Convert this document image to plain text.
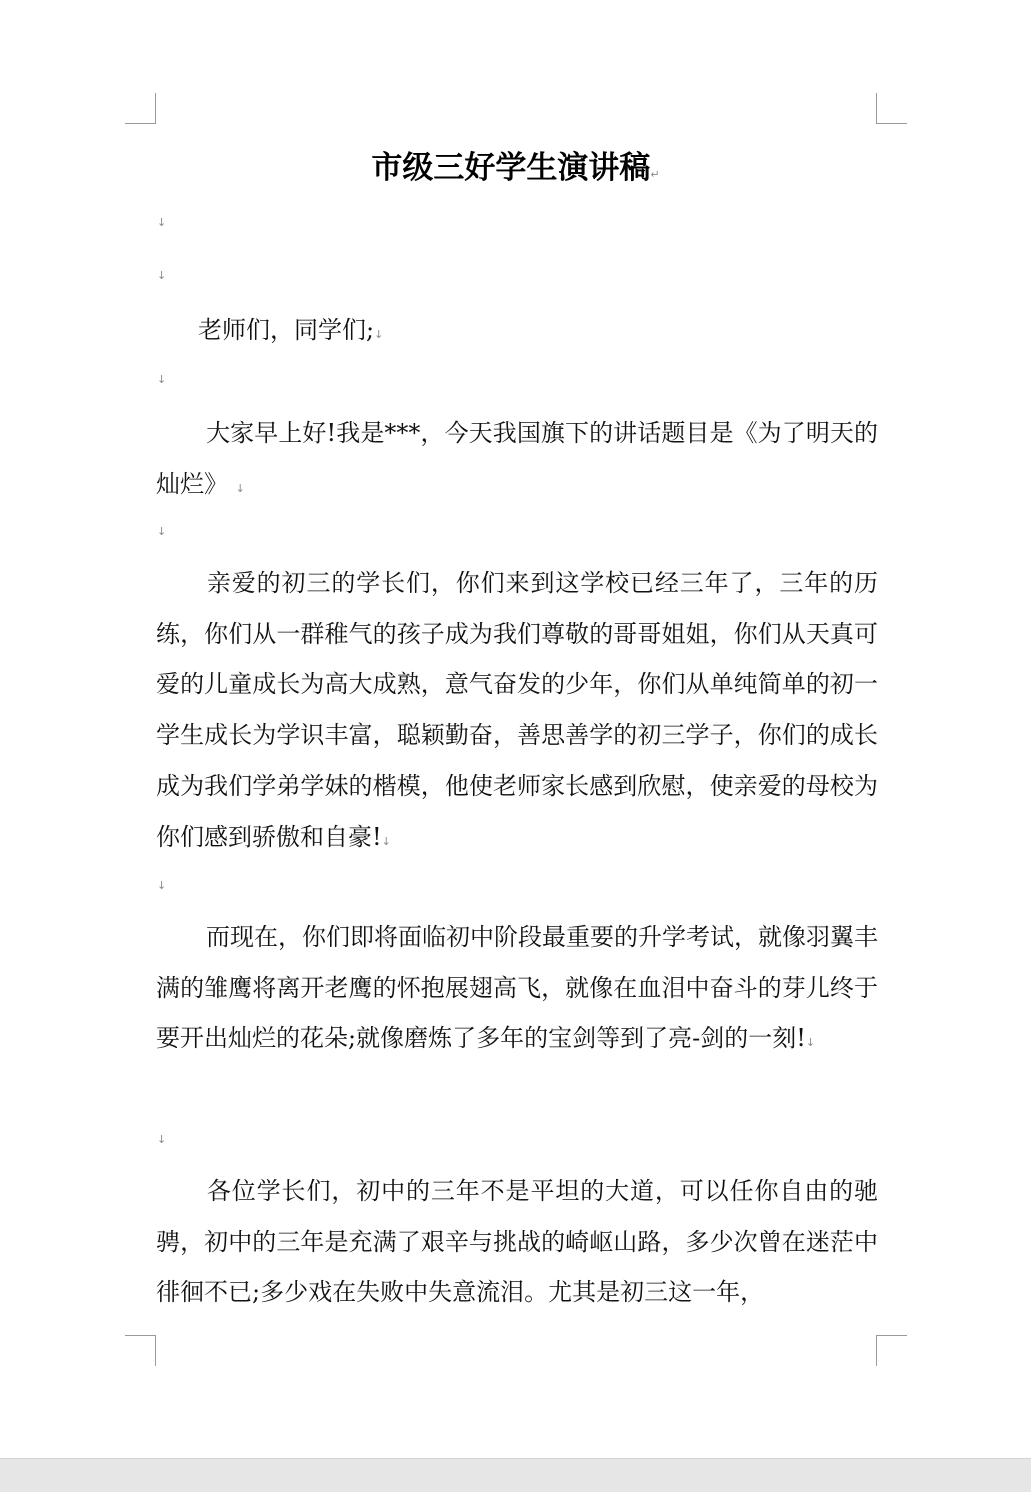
市级三好学生演讲稿↵
↓
↓
老师们，同学们;↓
↓

大家早上好!我是***，今天我国旗下的讲话题目是《为了明天的灿烂》 ↓

↓

亲爱的初三的学长们，你们来到这学校已经三年了，三年的历练，你们从一群稚气的孩子成为我们尊敬的哥哥姐姐，你们从天真可爱的儿童成长为高大成熟，意气奋发的少年，你们从单纯简单的初一学生成长为学识丰富，聪颖勤奋，善思善学的初三学子，你们的成长成为我们学弟学妹的楷模，他使老师家长感到欣慰，使亲爱的母校为你们感到骄傲和自豪!↓

↓

而现在，你们即将面临初中阶段最重要的升学考试，就像羽翼丰满的雏鹰将离开老鹰的怀抱展翅高飞，就像在血泪中奋斗的芽儿终于要开出灿烂的花朵;就像磨炼了多年的宝剑等到了亮-剑的一刻!↓

↓

各位学长们，初中的三年不是平坦的大道，可以任你自由的驰骋，初中的三年是充满了艰辛与挑战的崎岖山路，多少次曾在迷茫中徘徊不已;多少戏在失败中失意流泪。尤其是初三这一年，
